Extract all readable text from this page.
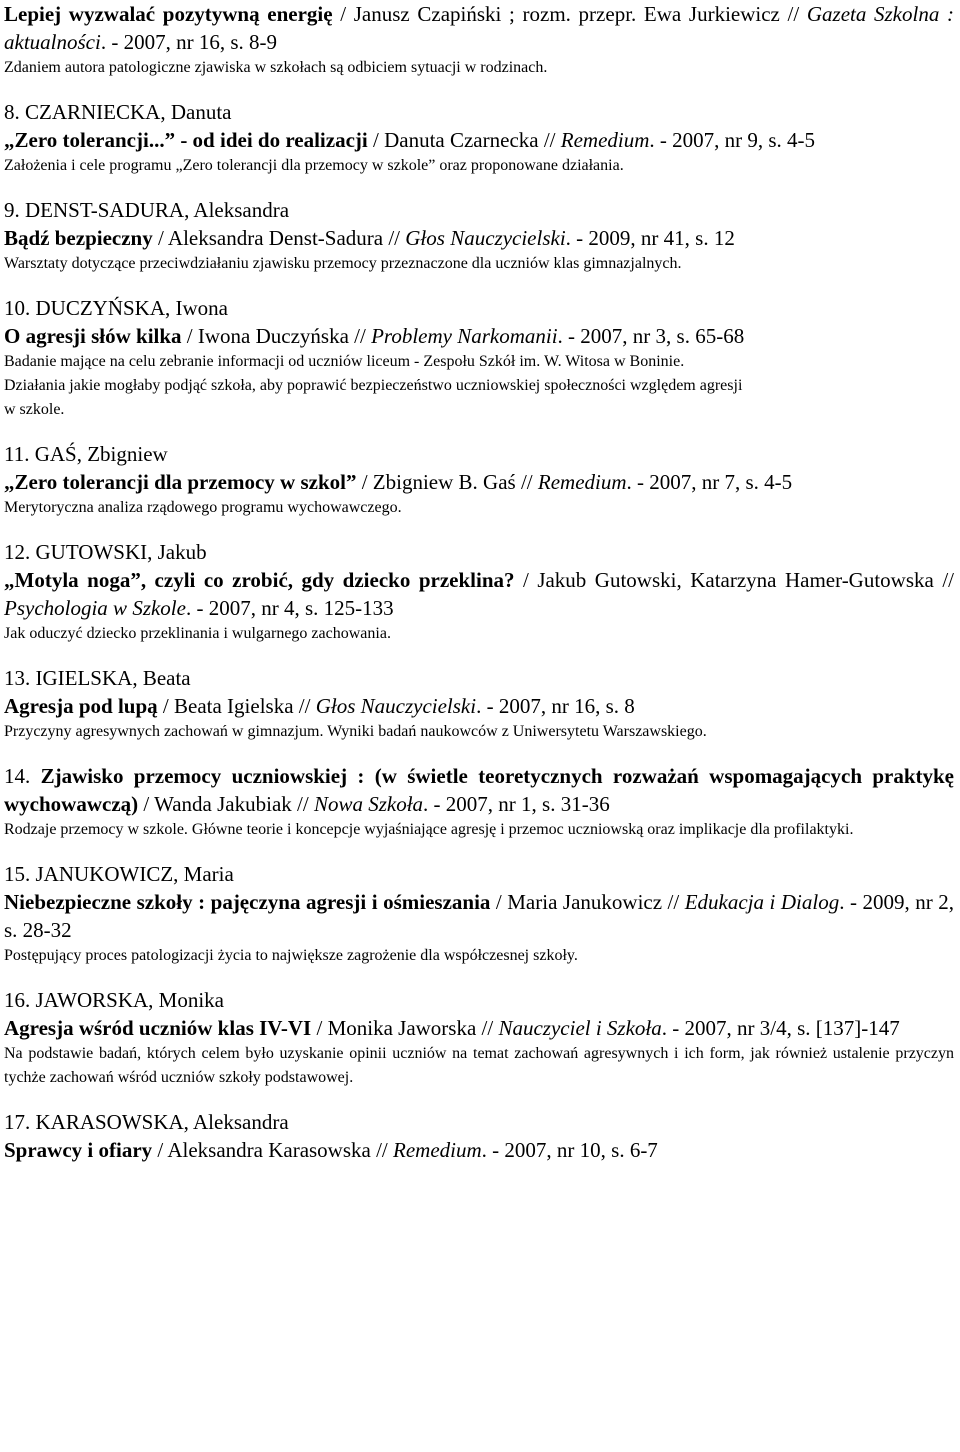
Lepiej wyzwalać pozytywną energię / Janusz Czapiński ; rozm. przepr. Ewa Jurkiewicz // Gazeta Szkolna : aktualności. - 2007, nr 16, s. 8-9

Zdaniem autora patologiczne zjawiska w szkołach są odbiciem sytuacji w rodzinach.

8. CZARNIECKA, Danuta

„Zero tolerancji...” - od idei do realizacji / Danuta Czarnecka // Remedium. - 2007, nr 9, s. 4-5

Założenia i cele programu „Zero tolerancji dla przemocy w szkole” oraz proponowane działania.

9. DENST-SADURA, Aleksandra

Bądź bezpieczny / Aleksandra Denst-Sadura // Głos Nauczycielski. - 2009, nr 41, s. 12

Warsztaty dotyczące przeciwdziałaniu zjawisku przemocy przeznaczone dla uczniów klas gimnazjalnych.

10. DUCZYŃSKA, Iwona

O agresji słów kilka / Iwona Duczyńska // Problemy Narkomanii. - 2007, nr 3, s. 65-68

Badanie mające na celu zebranie informacji od uczniów liceum - Zespołu Szkół im. W. Witosa w Boninie.

Działania jakie mogłaby podjąć szkoła, aby poprawić bezpieczeństwo uczniowskiej społeczności względem agresji

w szkole.

11. GAŚ, Zbigniew

„Zero tolerancji dla przemocy w szkol” / Zbigniew B. Gaś // Remedium. - 2007, nr 7, s. 4-5

Merytoryczna analiza rządowego programu wychowawczego.

12. GUTOWSKI, Jakub

„Motyla noga”, czyli co zrobić, gdy dziecko przeklina? / Jakub Gutowski, Katarzyna Hamer-Gutowska // Psychologia w Szkole. - 2007, nr 4, s. 125-133

Jak oduczyć dziecko przeklinania i wulgarnego zachowania.

13. IGIELSKA, Beata

Agresja pod lupą / Beata Igielska // Głos Nauczycielski. - 2007, nr 16, s. 8

Przyczyny agresywnych zachowań w gimnazjum. Wyniki badań naukowców z Uniwersytetu Warszawskiego.

14. Zjawisko przemocy uczniowskiej : (w świetle teoretycznych rozważań wspomagających praktykę wychowawczą) / Wanda Jakubiak // Nowa Szkoła. - 2007, nr 1, s. 31-36

Rodzaje przemocy w szkole. Główne teorie i koncepcje wyjaśniające agresję i przemoc uczniowską oraz implikacje dla profilaktyki.

15. JANUKOWICZ, Maria

Niebezpieczne szkoły : pajęczyna agresji i ośmieszania / Maria Janukowicz // Edukacja i Dialog. - 2009, nr 2, s. 28-32

Postępujący proces patologizacji życia to największe zagrożenie dla współczesnej szkoły.

16. JAWORSKA, Monika

Agresja wśród uczniów klas IV-VI / Monika Jaworska // Nauczyciel i Szkoła. - 2007, nr 3/4, s. [137]-147

Na podstawie badań, których celem było uzyskanie opinii uczniów na temat zachowań agresywnych i ich form, jak również ustalenie przyczyn tychże zachowań wśród uczniów szkoły podstawowej.

17. KARASOWSKA, Aleksandra

Sprawcy i ofiary / Aleksandra Karasowska // Remedium. - 2007, nr 10, s. 6-7
